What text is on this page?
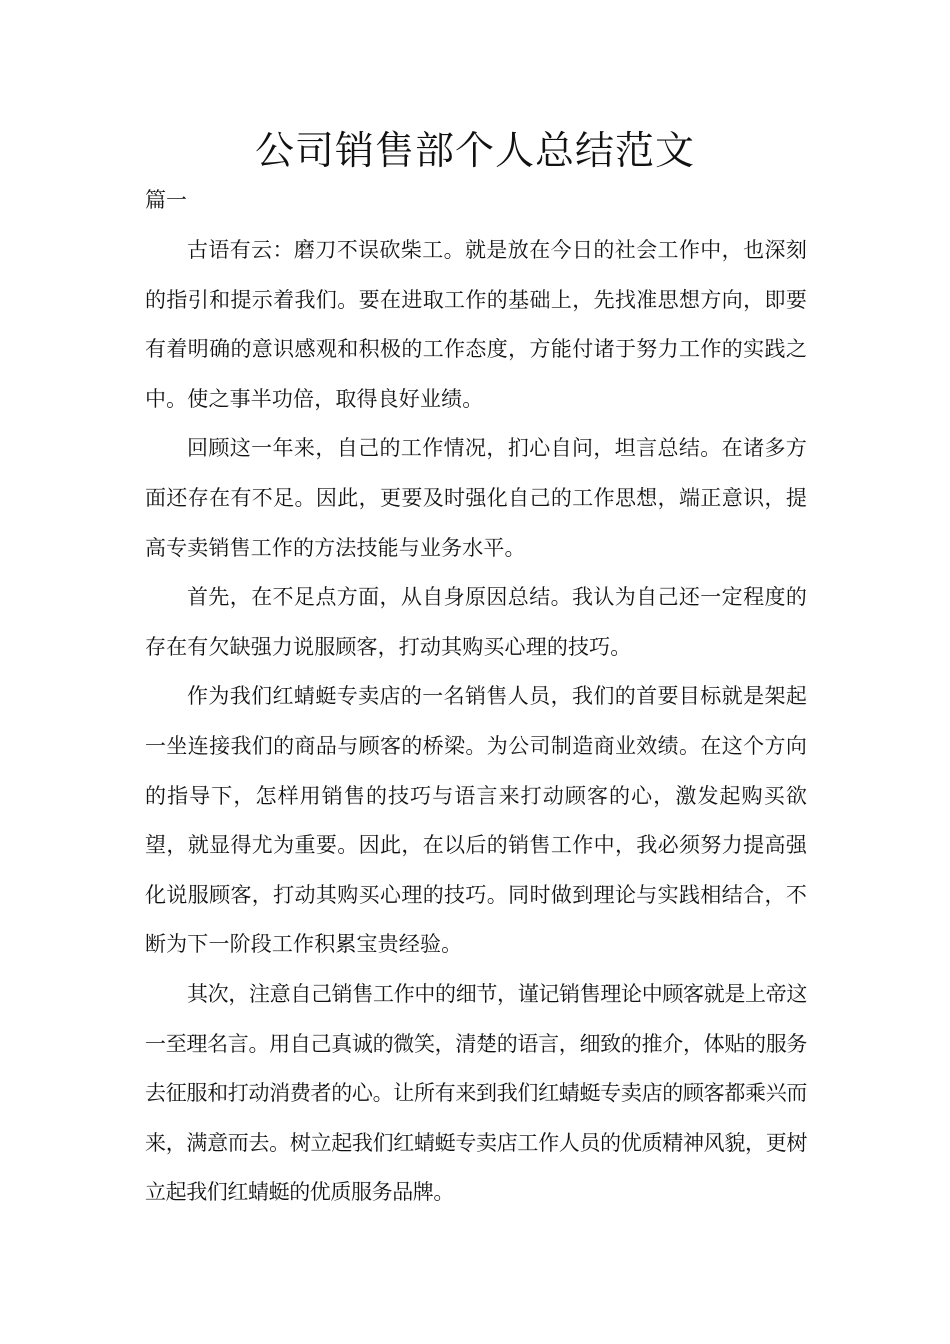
公司销售部个人总结范文
篇一

古语有云：磨刀不误砍柴工。就是放在今日的社会工作中，也深刻的指引和提示着我们。要在进取工作的基础上，先找准思想方向，即要有着明确的意识感观和积极的工作态度，方能付诸于努力工作的实践之中。使之事半功倍，取得良好业绩。

回顾这一年来，自己的工作情况，扪心自问，坦言总结。在诸多方面还存在有不足。因此，更要及时强化自己的工作思想，端正意识，提高专卖销售工作的方法技能与业务水平。

首先，在不足点方面，从自身原因总结。我认为自己还一定程度的存在有欠缺强力说服顾客，打动其购买心理的技巧。

作为我们红蜻蜓专卖店的一名销售人员，我们的首要目标就是架起一坐连接我们的商品与顾客的桥梁。为公司制造商业效绩。在这个方向的指导下，怎样用销售的技巧与语言来打动顾客的心，激发起购买欲望，就显得尤为重要。因此，在以后的销售工作中，我必须努力提高强化说服顾客，打动其购买心理的技巧。同时做到理论与实践相结合，不断为下一阶段工作积累宝贵经验。

其次，注意自己销售工作中的细节，谨记销售理论中顾客就是上帝这一至理名言。用自己真诚的微笑，清楚的语言，细致的推介，体贴的服务去征服和打动消费者的心。让所有来到我们红蜻蜓专卖店的顾客都乘兴而来，满意而去。树立起我们红蜻蜓专卖店工作人员的优质精神风貌，更树立起我们红蜻蜓的优质服务品牌。
